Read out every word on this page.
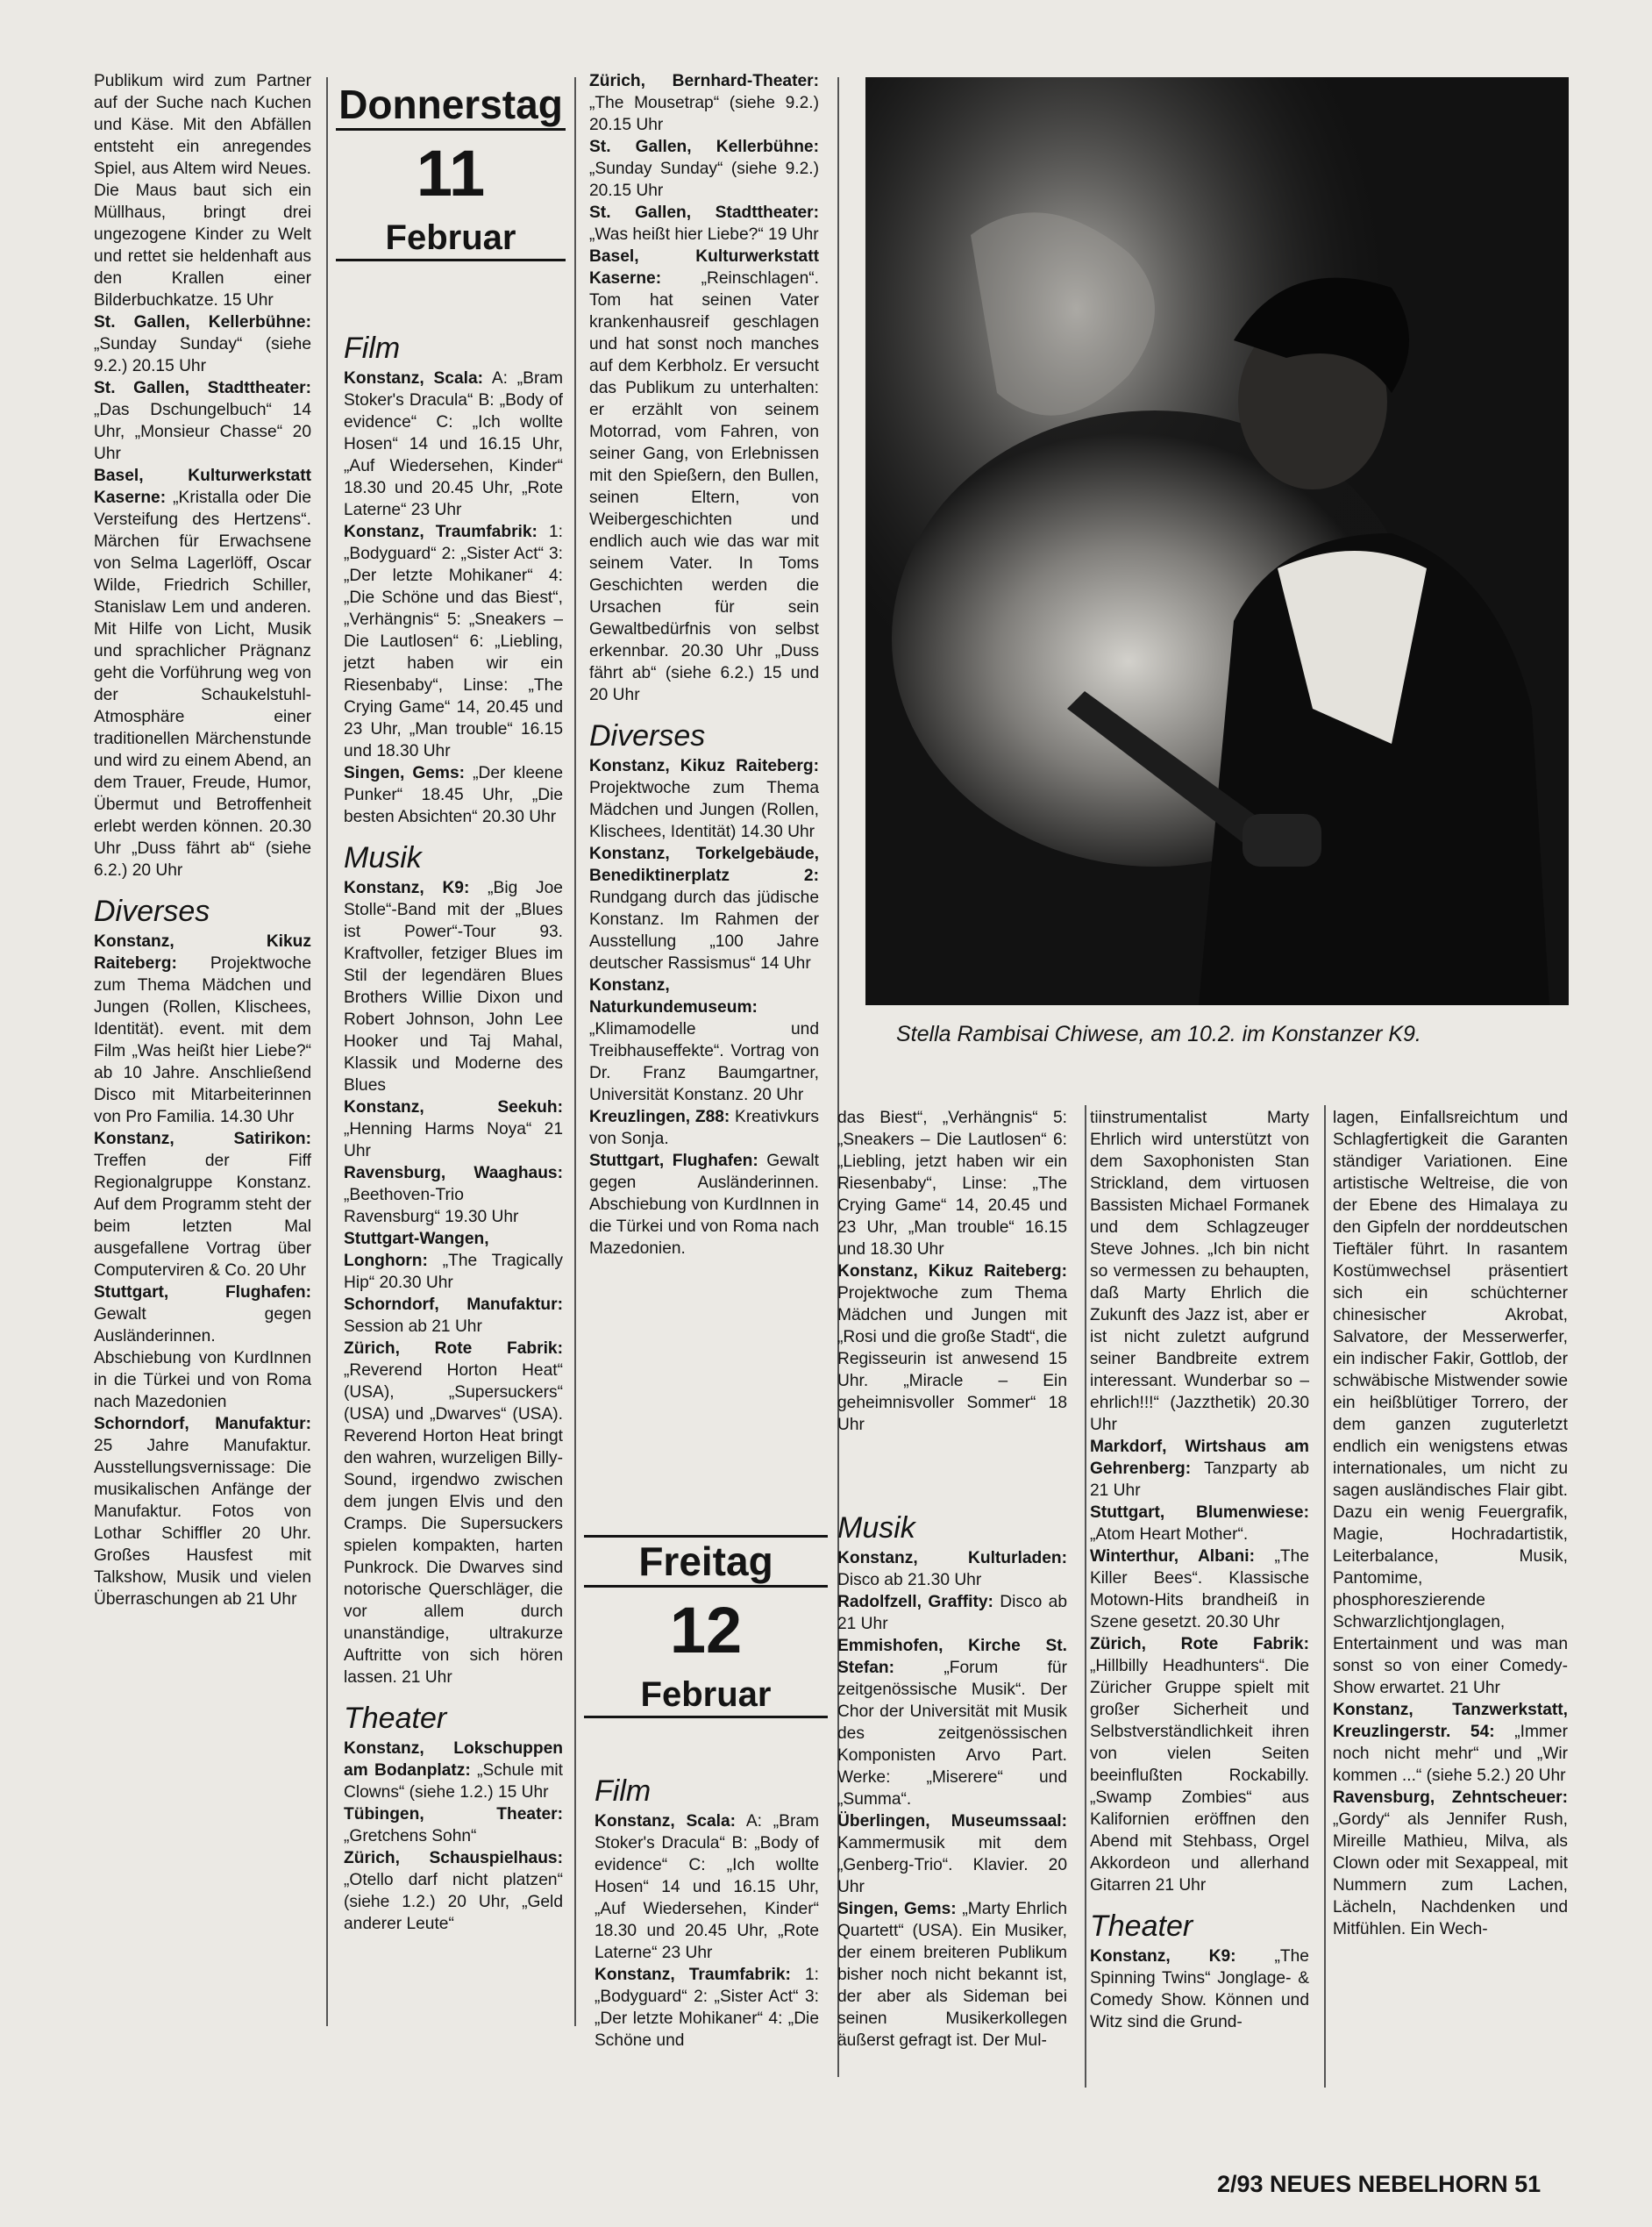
Publikum wird zum Partner auf der Suche nach Kuchen und Käse. Mit den Abfällen entsteht ein anregendes Spiel, aus Altem wird Neues. Die Maus baut sich ein Müllhaus, bringt drei ungezogene Kinder zu Welt und rettet sie heldenhaft aus den Krallen einer Bilderbuchkatze. 15 Uhr

St. Gallen, Kellerbühne: „Sunday Sunday“ (siehe 9.2.) 20.15 Uhr

St. Gallen, Stadttheater: „Das Dschungelbuch“ 14 Uhr, „Monsieur Chasse“ 20 Uhr

Basel, Kulturwerkstatt Kaserne: „Kristalla oder Die Versteifung des Hertzens“. Märchen für Erwachsene von Selma Lagerlöff, Oscar Wilde, Friedrich Schiller, Stanislaw Lem und anderen. Mit Hilfe von Licht, Musik und sprachlicher Prägnanz geht die Vorführung weg von der Schaukelstuhl-Atmosphäre einer traditionellen Märchenstunde und wird zu einem Abend, an dem Trauer, Freude, Humor, Übermut und Betroffenheit erlebt werden können. 20.30 Uhr „Duss fährt ab“ (siehe 6.2.) 20 Uhr

Diverses

Konstanz, Kikuz Raiteberg: Projektwoche zum Thema Mädchen und Jungen (Rollen, Klischees, Identität). event. mit dem Film „Was heißt hier Liebe?“ ab 10 Jahre. Anschließend Disco mit Mitarbeiterinnen von Pro Familia. 14.30 Uhr

Konstanz, Satirikon: Treffen der Fiff Regionalgruppe Konstanz. Auf dem Programm steht der beim letzten Mal ausgefallene Vortrag über Computerviren & Co. 20 Uhr

Stuttgart, Flughafen: Gewalt gegen Ausländerinnen. Abschiebung von KurdInnen in die Türkei und von Roma nach Mazedonien

Schorndorf, Manufaktur: 25 Jahre Manufaktur. Ausstellungsvernissage: Die musikalischen Anfänge der Manufaktur. Fotos von Lothar Schiffler 20 Uhr. Großes Hausfest mit Talkshow, Musik und vielen Überraschungen ab 21 Uhr

Donnerstag
11
Februar
Film

Konstanz, Scala: A: „Bram Stoker's Dracula“ B: „Body of evidence“ C: „Ich wollte Hosen“ 14 und 16.15 Uhr, „Auf Wiedersehen, Kinder“ 18.30 und 20.45 Uhr, „Rote Laterne“ 23 Uhr

Konstanz, Traumfabrik: 1: „Bodyguard“ 2: „Sister Act“ 3: „Der letzte Mohikaner“ 4: „Die Schöne und das Biest“, „Verhängnis“ 5: „Sneakers – Die Lautlosen“ 6: „Liebling, jetzt haben wir ein Riesenbaby“, Linse: „The Crying Game“ 14, 20.45 und 23 Uhr, „Man trouble“ 16.15 und 18.30 Uhr

Singen, Gems: „Der kleene Punker“ 18.45 Uhr, „Die besten Absichten“ 20.30 Uhr

Musik

Konstanz, K9: „Big Joe Stolle“-Band mit der „Blues ist Power“-Tour 93. Kraftvoller, fetziger Blues im Stil der legendären Blues Brothers Willie Dixon und Robert Johnson, John Lee Hooker und Taj Mahal, Klassik und Moderne des Blues

Konstanz, Seekuh: „Henning Harms Noya“ 21 Uhr

Ravensburg, Waaghaus: „Beethoven-Trio Ravensburg“ 19.30 Uhr

Stuttgart-Wangen, Longhorn: „The Tragically Hip“ 20.30 Uhr

Schorndorf, Manufaktur: Session ab 21 Uhr

Zürich, Rote Fabrik: „Reverend Horton Heat“ (USA), „Supersuckers“ (USA) und „Dwarves“ (USA). Reverend Horton Heat bringt den wahren, wurzeligen Billy-Sound, irgendwo zwischen dem jungen Elvis und den Cramps. Die Supersuckers spielen kompakten, harten Punkrock. Die Dwarves sind notorische Querschläger, die vor allem durch unanständige, ultrakurze Auftritte von sich hören lassen. 21 Uhr

Theater

Konstanz, Lokschuppen am Bodanplatz: „Schule mit Clowns“ (siehe 1.2.) 15 Uhr

Tübingen, Theater: „Gretchens Sohn“

Zürich, Schauspielhaus: „Otello darf nicht platzen“ (siehe 1.2.) 20 Uhr, „Geld anderer Leute“

Zürich, Bernhard-Theater: „The Mousetrap“ (siehe 9.2.) 20.15 Uhr

St. Gallen, Kellerbühne: „Sunday Sunday“ (siehe 9.2.) 20.15 Uhr

St. Gallen, Stadttheater: „Was heißt hier Liebe?“ 19 Uhr

Basel, Kulturwerkstatt Kaserne: „Reinschlagen“. Tom hat seinen Vater krankenhausreif geschlagen und hat sonst noch manches auf dem Kerbholz. Er versucht das Publikum zu unterhalten: er erzählt von seinem Motorrad, vom Fahren, von seiner Gang, von Erlebnissen mit den Spießern, den Bullen, seinen Eltern, von Weibergeschichten und endlich auch wie das war mit seinem Vater. In Toms Geschichten werden die Ursachen für sein Gewaltbedürfnis von selbst erkennbar. 20.30 Uhr „Duss fährt ab“ (siehe 6.2.) 15 und 20 Uhr

Diverses

Konstanz, Kikuz Raiteberg: Projektwoche zum Thema Mädchen und Jungen (Rollen, Klischees, Identität) 14.30 Uhr

Konstanz, Torkelgebäude, Benediktinerplatz 2: Rundgang durch das jüdische Konstanz. Im Rahmen der Ausstellung „100 Jahre deutscher Rassismus“ 14 Uhr

Konstanz, Naturkundemuseum: „Klimamodelle und Treibhauseffekte“. Vortrag von Dr. Franz Baumgartner, Universität Konstanz. 20 Uhr

Kreuzlingen, Z88: Kreativkurs von Sonja.

Stuttgart, Flughafen: Gewalt gegen Ausländerinnen. Abschiebung von KurdInnen in die Türkei und von Roma nach Mazedonien.

Stella Rambisai Chiwese, am 10.2. im Konstanzer K9.

das Biest“, „Verhängnis“ 5: „Sneakers – Die Lautlosen“ 6: „Liebling, jetzt haben wir ein Riesenbaby“, Linse: „The Crying Game“ 14, 20.45 und 23 Uhr, „Man trouble“ 16.15 und 18.30 Uhr

Konstanz, Kikuz Raiteberg: Projektwoche zum Thema Mädchen und Jungen mit „Rosi und die große Stadt“, die Regisseurin ist anwesend 15 Uhr. „Miracle – Ein geheimnisvoller Sommer“ 18 Uhr

Freitag
12
Februar
Film

Konstanz, Scala: A: „Bram Stoker's Dracula“ B: „Body of evidence“ C: „Ich wollte Hosen“ 14 und 16.15 Uhr, „Auf Wiedersehen, Kinder“ 18.30 und 20.45 Uhr, „Rote Laterne“ 23 Uhr

Konstanz, Traumfabrik: 1: „Bodyguard“ 2: „Sister Act“ 3: „Der letzte Mohikaner“ 4: „Die Schöne und

Musik

Konstanz, Kulturladen: Disco ab 21.30 Uhr

Radolfzell, Graffity: Disco ab 21 Uhr

Emmishofen, Kirche St. Stefan: „Forum für zeitgenössische Musik“. Der Chor der Universität mit Musik des zeitgenössischen Komponisten Arvo Part. Werke: „Miserere“ und „Summa“.

Überlingen, Museumssaal: Kammermusik mit dem „Genberg-Trio“. Klavier. 20 Uhr

Singen, Gems: „Marty Ehrlich Quartett“ (USA). Ein Musiker, der einem breiteren Publikum bisher noch nicht bekannt ist, der aber als Sideman bei seinen Musikerkollegen äußerst gefragt ist. Der Mul-

tiinstrumentalist Marty Ehrlich wird unterstützt von dem Saxophonisten Stan Strickland, dem virtuosen Bassisten Michael Formanek und dem Schlagzeuger Steve Johnes. „Ich bin nicht so vermessen zu behaupten, daß Marty Ehrlich die Zukunft des Jazz ist, aber er ist nicht zuletzt aufgrund seiner Bandbreite extrem interessant. Wunderbar so – ehrlich!!!“ (Jazzthetik) 20.30 Uhr

Markdorf, Wirtshaus am Gehrenberg: Tanzparty ab 21 Uhr

Stuttgart, Blumenwiese: „Atom Heart Mother“.

Winterthur, Albani: „The Killer Bees“. Klassische Motown-Hits brandheiß in Szene gesetzt. 20.30 Uhr

Zürich, Rote Fabrik: „Hillbilly Headhunters“. Die Züricher Gruppe spielt mit großer Sicherheit und Selbstverständlichkeit ihren von vielen Seiten beeinflußten Rockabilly. „Swamp Zombies“ aus Kalifornien eröffnen den Abend mit Stehbass, Orgel Akkordeon und allerhand Gitarren 21 Uhr

Theater

Konstanz, K9: „The Spinning Twins“ Jonglage- & Comedy Show. Können und Witz sind die Grund-

lagen, Einfallsreichtum und Schlagfertigkeit die Garanten ständiger Variationen. Eine artistische Weltreise, die von der Ebene des Himalaya zu den Gipfeln der norddeutschen Tieftäler führt. In rasantem Kostümwechsel präsentiert sich ein schüchterner chinesischer Akrobat, Salvatore, der Messerwerfer, ein indischer Fakir, Gottlob, der schwäbische Mistwender sowie ein heißblütiger Torrero, der dem ganzen zuguterletzt endlich ein wenigstens etwas internationales, um nicht zu sagen ausländisches Flair gibt. Dazu ein wenig Feuergrafik, Magie, Hochradartistik, Leiterbalance, Musik, Pantomime, phosphoreszierende Schwarzlichtjonglagen, Entertainment und was man sonst so von einer Comedy-Show erwartet. 21 Uhr

Konstanz, Tanzwerkstatt, Kreuzlingerstr. 54: „Immer noch nicht mehr“ und „Wir kommen ...“ (siehe 5.2.) 20 Uhr

Ravensburg, Zehntscheuer: „Gordy“ als Jennifer Rush, Mireille Mathieu, Milva, als Clown oder mit Sexappeal, mit Nummern zum Lachen, Lächeln, Nachdenken und Mitfühlen. Ein Wech-

2/93 NEUES NEBELHORN 51
